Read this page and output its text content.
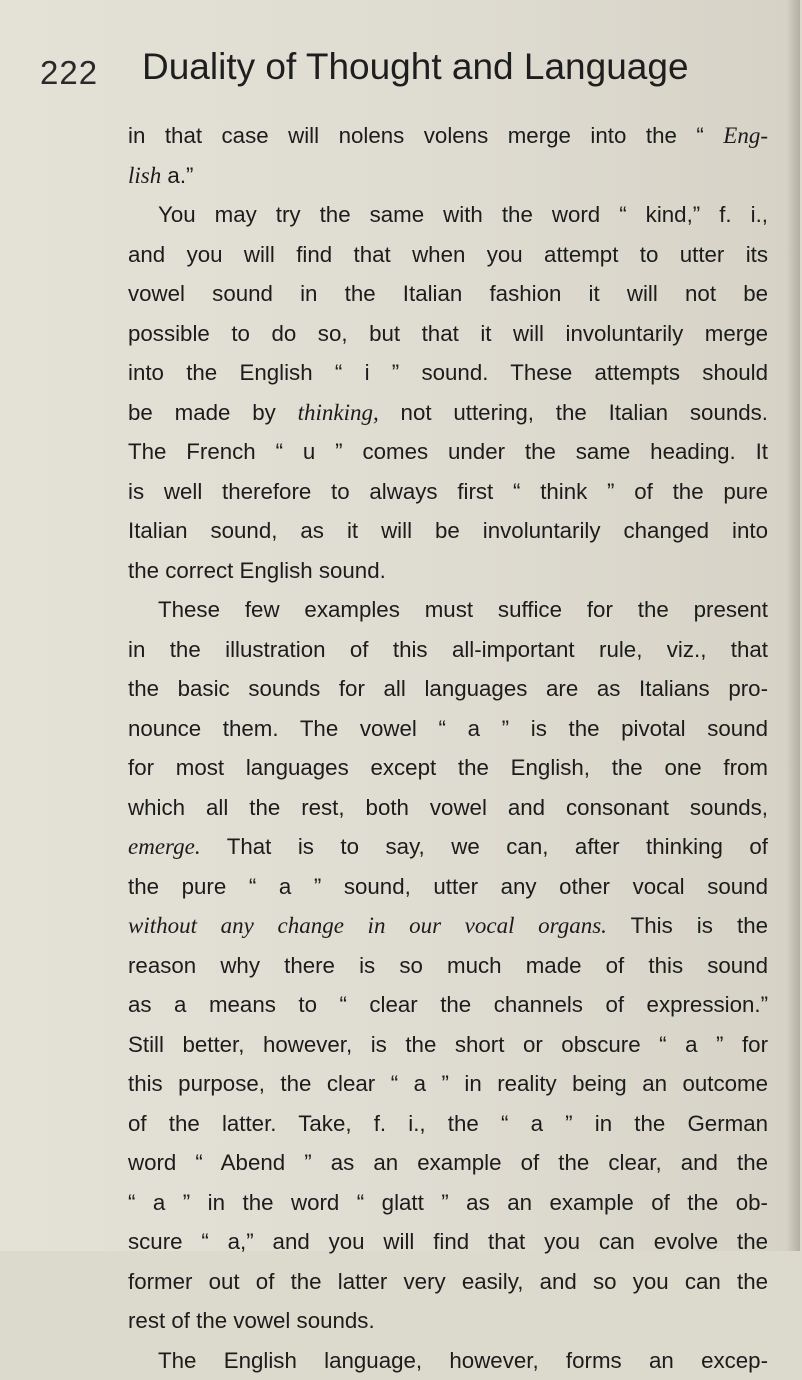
222 Duality of Thought and Language
in that case will nolens volens merge into the “ Eng-
lish a.”
You may try the same with the word “ kind,” f. i.,
and you will find that when you attempt to utter its
vowel sound in the Italian fashion it will not be
possible to do so, but that it will involuntarily merge
into the English “ i ” sound. These attempts should
be made by thinking, not uttering, the Italian sounds.
The French “ u ” comes under the same heading. It
is well therefore to always first “ think ” of the pure
Italian sound, as it will be involuntarily changed into
the correct English sound.
These few examples must suffice for the present
in the illustration of this all-important rule, viz., that
the basic sounds for all languages are as Italians pro-
nounce them. The vowel “ a ” is the pivotal sound
for most languages except the English, the one from
which all the rest, both vowel and consonant sounds,
emerge. That is to say, we can, after thinking of
the pure “ a ” sound, utter any other vocal sound
without any change in our vocal organs. This is the
reason why there is so much made of this sound
as a means to “ clear the channels of expression.”
Still better, however, is the short or obscure “ a ” for
this purpose, the clear “ a ” in reality being an outcome
of the latter. Take, f. i., the “ a ” in the German
word “ Abend ” as an example of the clear, and the
“ a ” in the word “ glatt ” as an example of the ob-
scure “ a,” and you will find that you can evolve the
former out of the latter very easily, and so you can the
rest of the vowel sounds.
The English language, however, forms an excep-
